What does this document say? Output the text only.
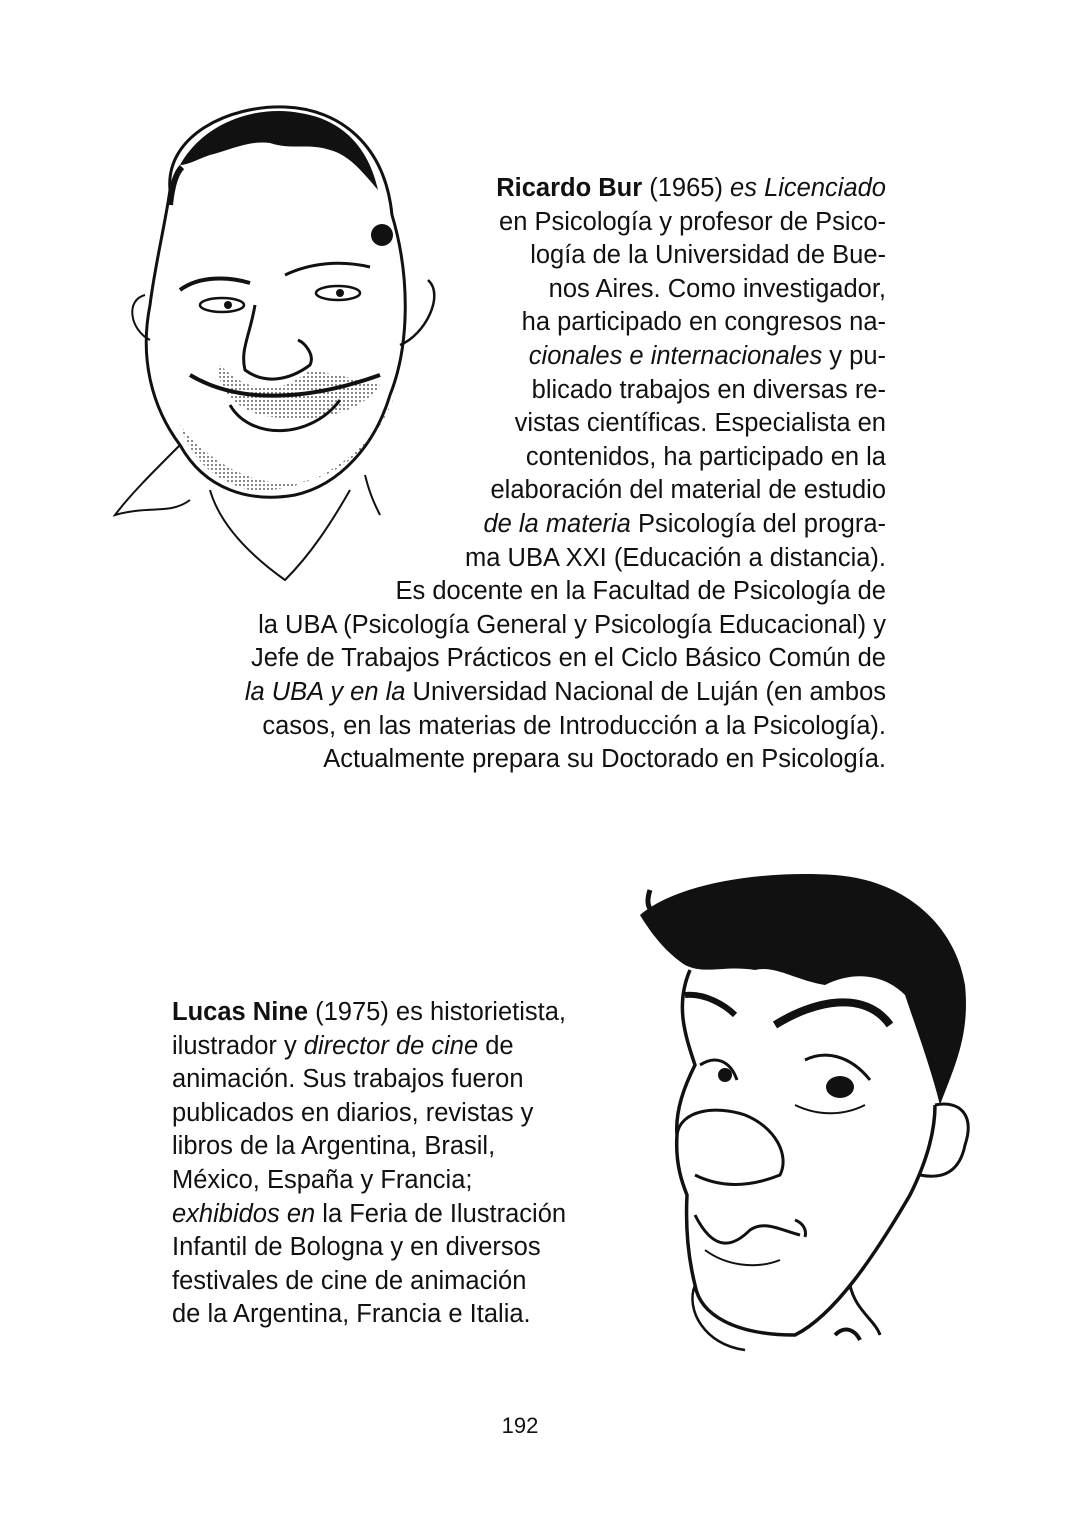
Ricardo Bur (1965) es Licenciado
en Psicología y profesor de Psico-
logía de la Universidad de Bue-
nos Aires. Como investigador,
ha participado en congresos na-
cionales e internacionales y pu-
blicado trabajos en diversas re-
vistas científicas. Especialista en
contenidos, ha participado en la
elaboración del material de estudio
de la materia Psicología del progra-
ma UBA XXI (Educación a distancia).
Es docente en la Facultad de Psicología de
la UBA (Psicología General y Psicología Educacional) y
Jefe de Trabajos Prácticos en el Ciclo Básico Común de
la UBA y en la Universidad Nacional de Luján (en ambos
casos, en las materias de Introducción a la Psicología).
Actualmente prepara su Doctorado en Psicología.
Lucas Nine (1975) es historietista,
ilustrador y director de cine de
animación. Sus trabajos fueron
publicados en diarios, revistas y
libros de la Argentina, Brasil,
México, España y Francia;
exhibidos en la Feria de Ilustración
Infantil de Bologna y en diversos
festivales de cine de animación
de la Argentina, Francia e Italia.
192
